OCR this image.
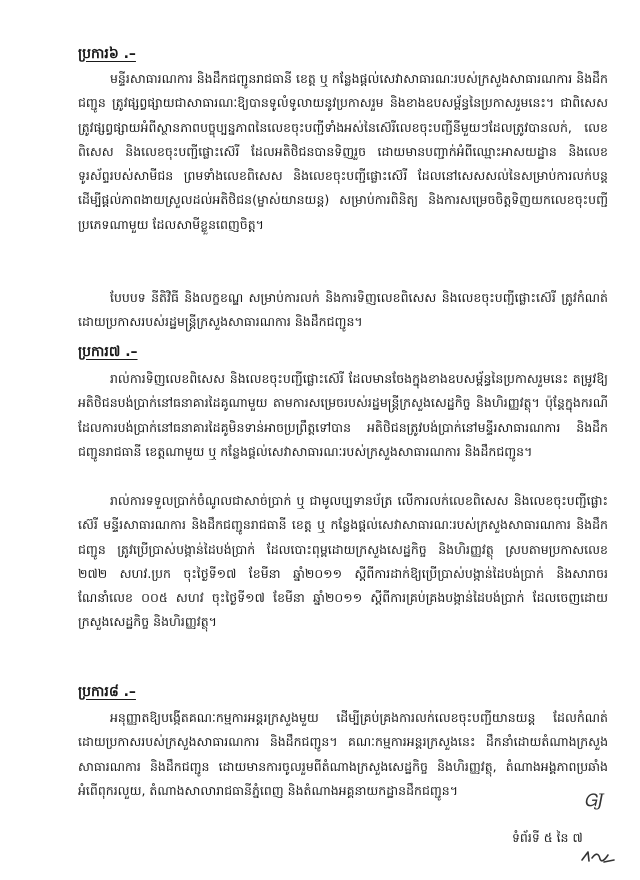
ប្រការ៦ .–

មន្ទីរសាធារណការ និងដឹកជញ្ជូនរាជធានី ខេត្ត ឬ កន្លែងផ្តល់សេវាសាធារណៈរបស់ក្រសួងសាធារណការ និងដឹកជញ្ជូន ត្រូវផ្សព្វផ្សាយជាសាធារណៈឱ្យបានទូលំទូលាយនូវប្រកាសរួម និងខាងឧបសម្ព័ន្ធនៃប្រកាសរួមនេះ។ ជាពិសេស ត្រូវផ្សព្វផ្សាយអំពីស្ថានភាពបច្ចុប្បន្នភាពនៃលេខចុះបញ្ជីទាំងអស់នៃស៊េរីលេខចុះបញ្ជីនីមួយៗដែលត្រូវបានលក់, លេខពិសេស និងលេខចុះបញ្ជីផ្លោះស៊េរី ដែលអតិថិជនបានទិញរួច ដោយមានបញ្ជាក់អំពីឈ្មោះអាសយដ្ឋាន និងលេខទូរស័ព្ទរបស់សាមីជន ព្រមទាំងលេខពិសេស និងលេខចុះបញ្ជីផ្លោះស៊េរី ដែលនៅសេសសល់នៃសម្រាប់ការលក់បន្ត ដើម្បីផ្តល់ភាពងាយស្រួលដល់អតិថិជន(ម្ចាស់យានយន្ត) សម្រាប់ការពិនិត្យ និងការសម្រេចចិត្តទិញយកលេខចុះបញ្ជីប្រភេទណាមួយ ដែលសាមីខ្លួនពេញចិត្ត។

បែបបទ នីតិវិធី និងលក្ខខណ្ឌ សម្រាប់ការលក់ និងការទិញលេខពិសេស និងលេខចុះបញ្ជីផ្លោះស៊េរី ត្រូវកំណត់ដោយប្រកាសរបស់រដ្ឋមន្ត្រីក្រសួងសាធារណការ និងដឹកជញ្ជូន។

ប្រការ៧ .–

រាល់ការទិញលេខពិសេស និងលេខចុះបញ្ជីផ្លោះស៊េរី ដែលមានចែងក្នុងខាងឧបសម្ព័ន្ធនៃប្រកាសរួមនេះ តម្រូវឱ្យអតិថិជនបង់ប្រាក់នៅធនាគារដៃគូណាមួយ តាមការសម្រេចរបស់រដ្ឋមន្ត្រីក្រសួងសេដ្ឋកិច្ច និងហិរញ្ញវត្ថុ។ ប៉ុន្តែក្នុងករណីដែលការបង់ប្រាក់នៅធនាគារដៃគូមិនទាន់អាចប្រព្រឹត្តទៅបាន អតិថិជនត្រូវបង់ប្រាក់នៅមន្ទីរសាធារណការ និងដឹកជញ្ជូនរាជធានី ខេត្តណាមួយ ឬ កន្លែងផ្តល់សេវាសាធារណៈរបស់ក្រសួងសាធារណការ និងដឹកជញ្ជូន។

រាល់ការទទួលប្រាក់ចំណូលជាសាច់ប្រាក់ ឬ ជាមូលប្បទានប័ត្រ លើការលក់លេខពិសេស និងលេខចុះបញ្ជីផ្លោះស៊េរី មន្ទីរសាធារណការ និងដឹកជញ្ជូនរាជធានី ខេត្ត ឬ កន្លែងផ្តល់សេវាសាធារណៈរបស់ក្រសួងសាធារណការ និងដឹកជញ្ជូន ត្រូវប្រើប្រាស់បង្កាន់ដៃបង់ប្រាក់ ដែលបោះពុម្ពដោយក្រសួងសេដ្ឋកិច្ច និងហិរញ្ញវត្ថុ ស្របតាមប្រកាសលេខ ២៧២ សហវ.ប្រក ចុះថ្ងៃទី១៧ ខែមីនា ឆ្នាំ២០១១ ស្តីពីការដាក់ឱ្យប្រើប្រាស់បង្កាន់ដៃបង់ប្រាក់ និងសារាចរណែនាំលេខ ០០៥ សហវ ចុះថ្ងៃទី១៧ ខែមីនា ឆ្នាំ២០១១ ស្តីពីការគ្រប់គ្រងបង្កាន់ដៃបង់ប្រាក់ ដែលចេញដោយក្រសួងសេដ្ឋកិច្ច និងហិរញ្ញវត្ថុ។

ប្រការ៨ .–

អនុញ្ញាតឱ្យបង្កើតគណៈកម្មការអន្តរក្រសួងមួយ ដើម្បីគ្រប់គ្រងការលក់លេខចុះបញ្ជីយានយន្ត ដែលកំណត់ដោយប្រកាសរបស់ក្រសួងសាធារណការ និងដឹកជញ្ជូន។ គណៈកម្មការអន្តរក្រសួងនេះ ដឹកនាំដោយតំណាងក្រសួងសាធារណការ និងដឹកជញ្ជូន ដោយមានការចូលរួមពីតំណាងក្រសួងសេដ្ឋកិច្ច និងហិរញ្ញវត្ថុ, តំណាងអង្គភាពប្រឆាំងអំពើពុករលួយ, តំណាងសាលារាជធានីភ្នំពេញ និងតំណាងអគ្គនាយកដ្ឋានដឹកជញ្ជូន។

ᏀJ
ទំព័រទី ៥ នៃ ៧
